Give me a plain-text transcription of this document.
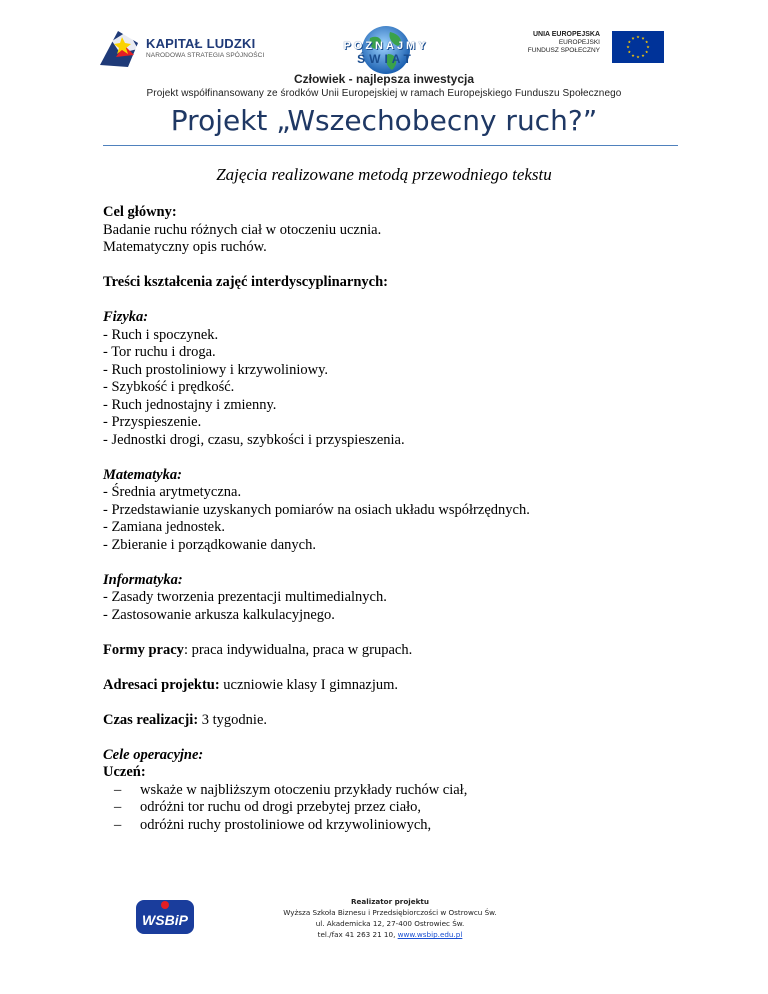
KAPITAŁ LUDZKI
NARODOWA STRATEGIA SPÓJNOŚCI
POZNAJMY
ŚWIAT
UNIA EUROPEJSKA
EUROPEJSKI
FUNDUSZ SPOŁECZNY
Człowiek - najlepsza inwestycja
Projekt współfinansowany ze środków Unii Europejskiej w ramach Europejskiego Funduszu Społecznego
Projekt „Wszechobecny ruch?”
Zajęcia realizowane metodą przewodniego tekstu
Cel główny:
Badanie ruchu różnych ciał w otoczeniu ucznia.
Matematyczny opis ruchów.
Treści kształcenia zajęć interdyscyplinarnych:
Fizyka:
- Ruch i spoczynek.
- Tor ruchu i droga.
- Ruch prostoliniowy i krzywoliniowy.
- Szybkość i prędkość.
- Ruch jednostajny i zmienny.
- Przyspieszenie.
- Jednostki drogi, czasu, szybkości i przyspieszenia.
Matematyka:
- Średnia arytmetyczna.
- Przedstawianie uzyskanych pomiarów na osiach układu współrzędnych.
- Zamiana jednostek.
- Zbieranie i porządkowanie danych.
Informatyka:
- Zasady tworzenia prezentacji multimedialnych.
- Zastosowanie arkusza kalkulacyjnego.
Formy pracy: praca indywidualna, praca w grupach.
Adresaci projektu: uczniowie klasy I gimnazjum.
Czas realizacji: 3 tygodnie.
Cele operacyjne:
Uczeń:
– wskaże w najbliższym otoczeniu przykłady ruchów ciał,
– odróżni tor ruchu od drogi przebytej przez ciało,
– odróżni ruchy prostoliniowe od krzywoliniowych,
WSBiP
Realizator projektu
Wyższa Szkoła Biznesu i Przedsiębiorczości w Ostrowcu Św.
ul. Akademicka 12, 27-400 Ostrowiec Św.
tel./fax 41 263 21 10, www.wsbip.edu.pl
